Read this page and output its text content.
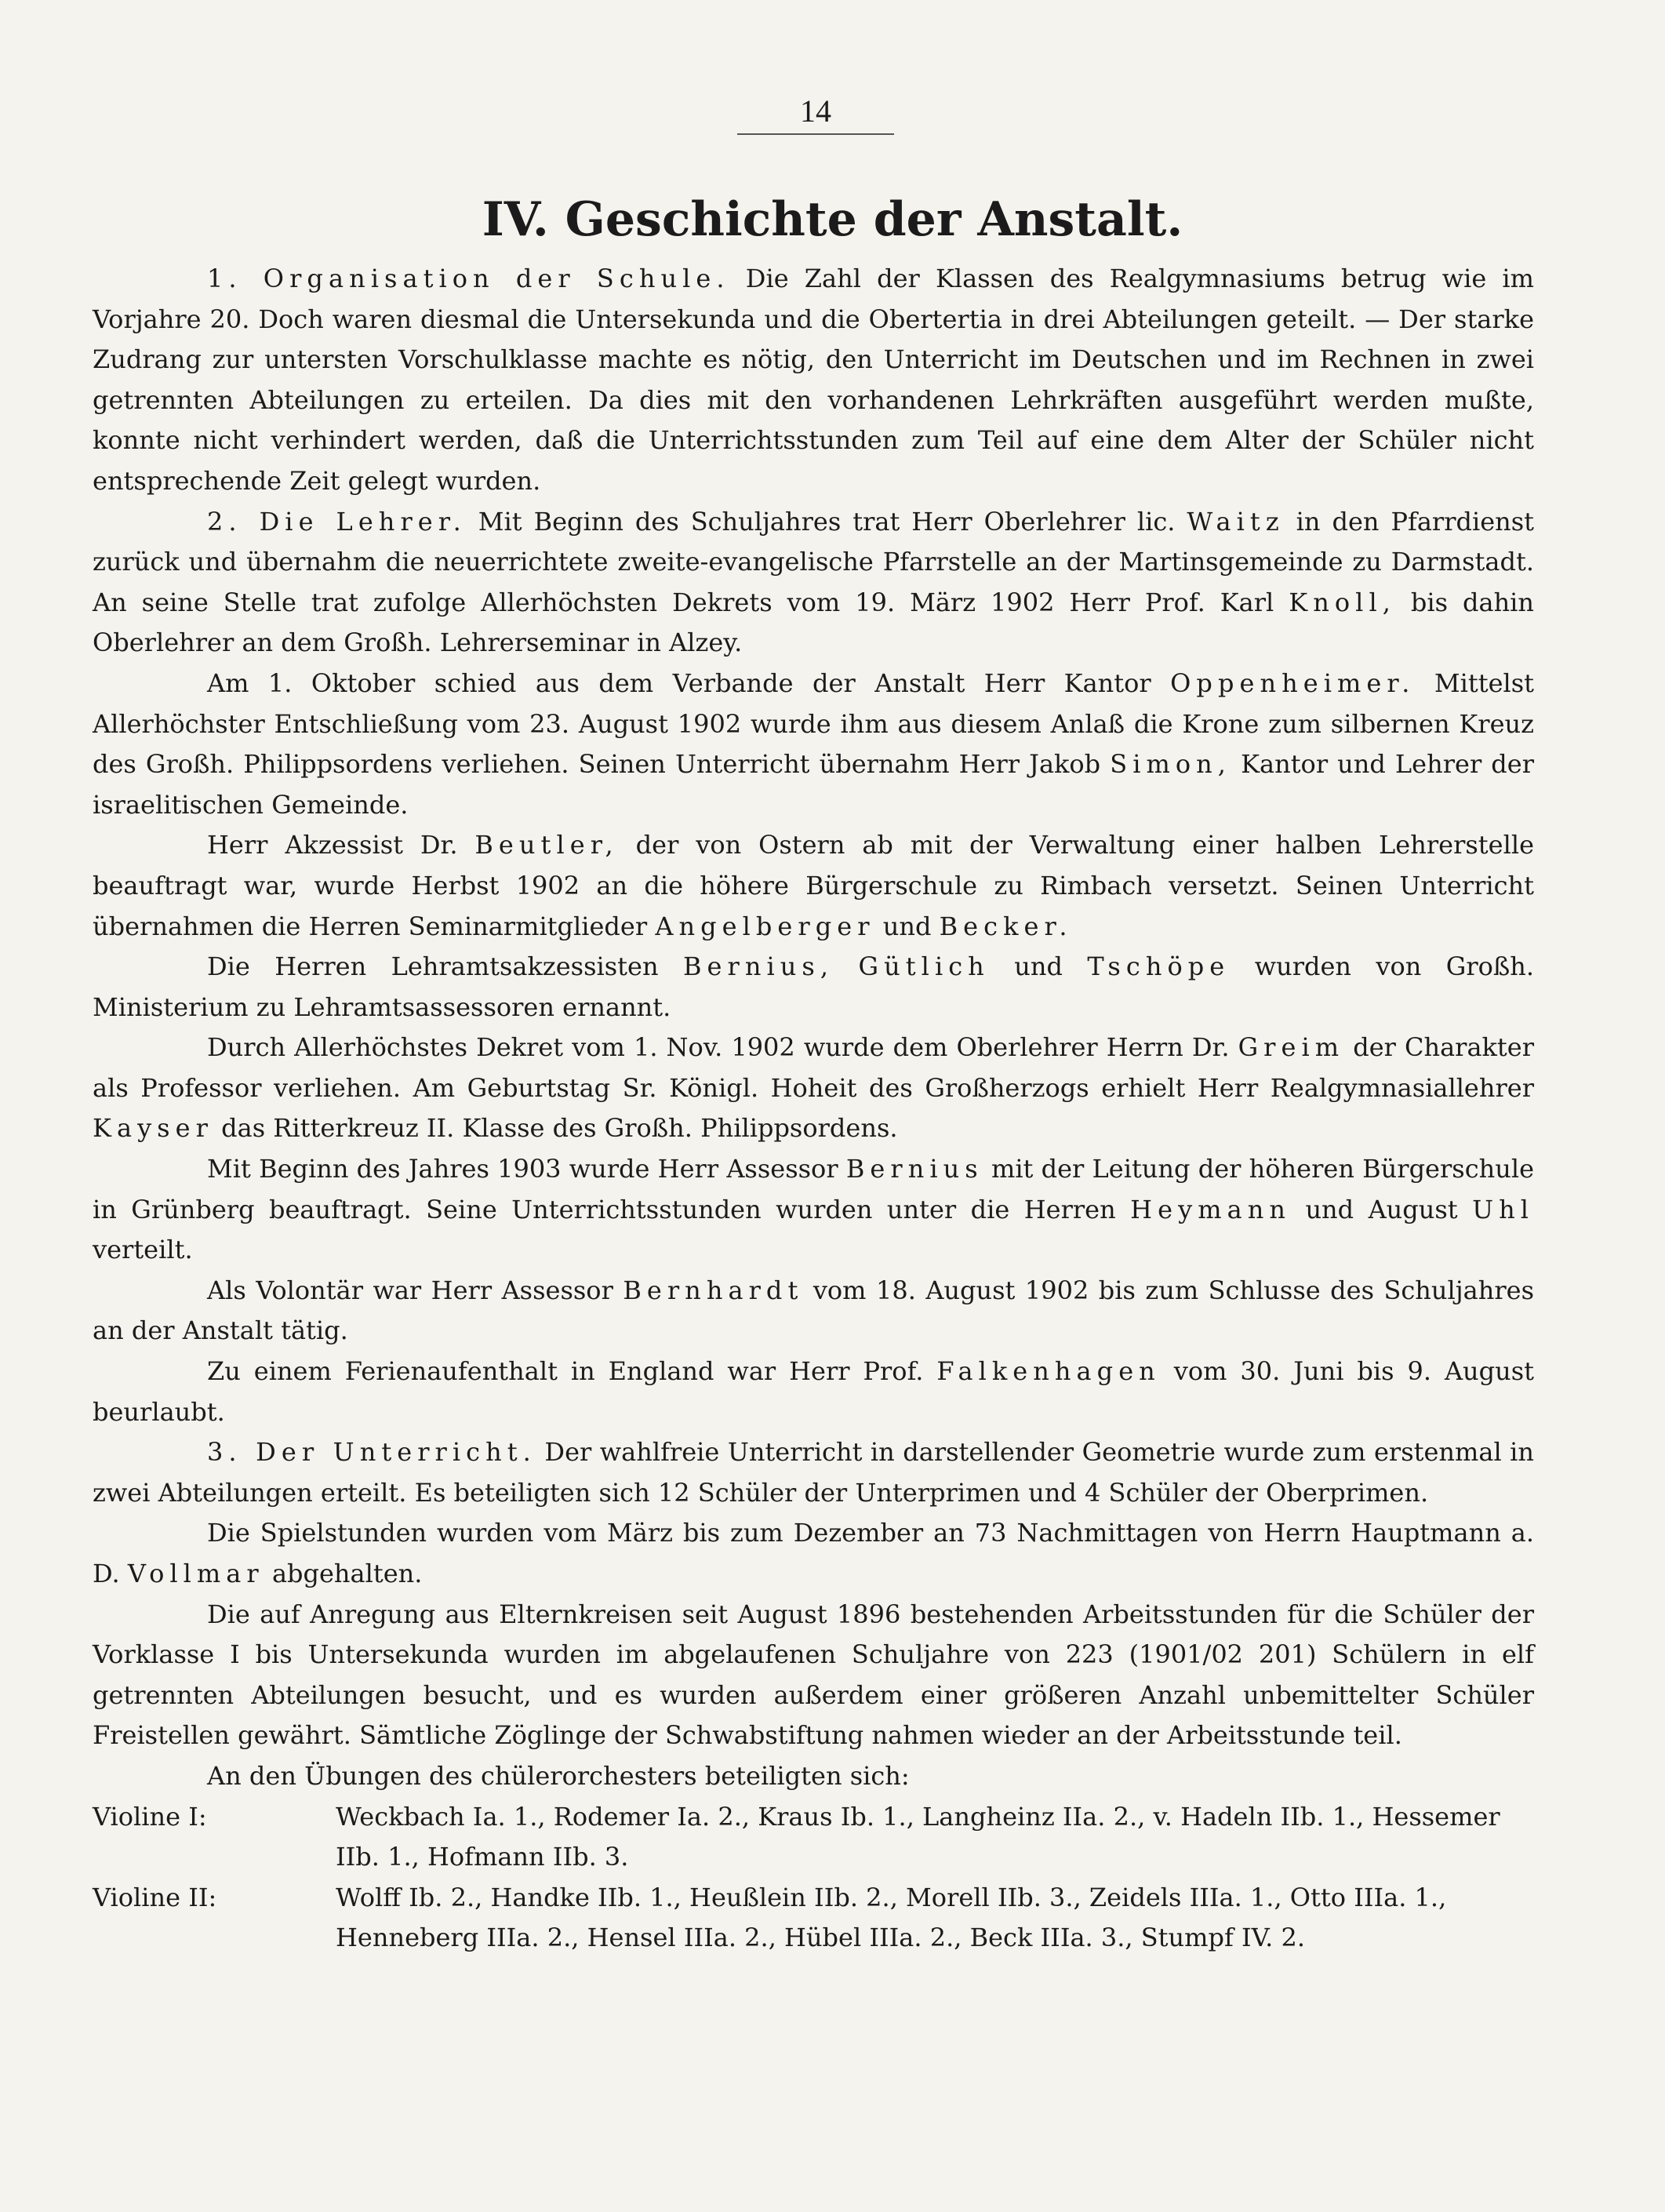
14
IV. Geschichte der Anstalt.

1. Organisation der Schule. Die Zahl der Klassen des Realgymnasiums betrug wie im Vorjahre 20. Doch waren diesmal die Untersekunda und die Obertertia in drei Abteilungen geteilt. — Der starke Zudrang zur untersten Vorschulklasse machte es nötig, den Unterricht im Deutschen und im Rechnen in zwei getrennten Abteilungen zu erteilen. Da dies mit den vorhandenen Lehrkräften ausgeführt werden mußte, konnte nicht verhindert werden, daß die Unterrichtsstunden zum Teil auf eine dem Alter der Schüler nicht entsprechende Zeit gelegt wurden.

2. Die Lehrer. Mit Beginn des Schuljahres trat Herr Oberlehrer lic. Waitz in den Pfarrdienst zurück und übernahm die neuerrichtete zweite-evangelische Pfarrstelle an der Martinsgemeinde zu Darmstadt. An seine Stelle trat zufolge Allerhöchsten Dekrets vom 19. März 1902 Herr Prof. Karl Knoll, bis dahin Oberlehrer an dem Großh. Lehrerseminar in Alzey.

Am 1. Oktober schied aus dem Verbande der Anstalt Herr Kantor Oppenheimer. Mittelst Allerhöchster Entschließung vom 23. August 1902 wurde ihm aus diesem Anlaß die Krone zum silbernen Kreuz des Großh. Philippsordens verliehen. Seinen Unterricht übernahm Herr Jakob Simon, Kantor und Lehrer der israelitischen Gemeinde.

Herr Akzessist Dr. Beutler, der von Ostern ab mit der Verwaltung einer halben Lehrerstelle beauftragt war, wurde Herbst 1902 an die höhere Bürgerschule zu Rimbach versetzt. Seinen Unterricht übernahmen die Herren Seminarmitglieder Angelberger und Becker.

Die Herren Lehramtsakzessisten Bernius, Gütlich und Tschöpe wurden von Großh. Ministerium zu Lehramtsassessoren ernannt.

Durch Allerhöchstes Dekret vom 1. Nov. 1902 wurde dem Oberlehrer Herrn Dr. Greim der Charakter als Professor verliehen. Am Geburtstag Sr. Königl. Hoheit des Großherzogs erhielt Herr Realgymnasiallehrer Kayser das Ritterkreuz II. Klasse des Großh. Philippsordens.

Mit Beginn des Jahres 1903 wurde Herr Assessor Bernius mit der Leitung der höheren Bürgerschule in Grünberg beauftragt. Seine Unterrichtsstunden wurden unter die Herren Heymann und August Uhl verteilt.

Als Volontär war Herr Assessor Bernhardt vom 18. August 1902 bis zum Schlusse des Schuljahres an der Anstalt tätig.

Zu einem Ferienaufenthalt in England war Herr Prof. Falkenhagen vom 30. Juni bis 9. August beurlaubt.

3. Der Unterricht. Der wahlfreie Unterricht in darstellender Geometrie wurde zum erstenmal in zwei Abteilungen erteilt. Es beteiligten sich 12 Schüler der Unterprimen und 4 Schüler der Oberprimen.

Die Spielstunden wurden vom März bis zum Dezember an 73 Nachmittagen von Herrn Hauptmann a. D. Vollmar abgehalten.

Die auf Anregung aus Elternkreisen seit August 1896 bestehenden Arbeitsstunden für die Schüler der Vorklasse I bis Untersekunda wurden im abgelaufenen Schuljahre von 223 (1901/02 201) Schülern in elf getrennten Abteilungen besucht, und es wurden außerdem einer größeren Anzahl unbemittelter Schüler Freistellen gewährt. Sämtliche Zöglinge der Schwabstiftung nahmen wieder an der Arbeitsstunde teil.

An den Übungen des chülerorchesters beteiligten sich:

Violine I:	Weckbach Ia. 1., Rodemer Ia. 2., Kraus Ib. 1., Langheinz IIa. 2., v. Hadeln IIb. 1., Hessemer IIb. 1., Hofmann IIb. 3.
Violine II:	Wolff Ib. 2., Handke IIb. 1., Heußlein IIb. 2., Morell IIb. 3., Zeidels IIIa. 1., Otto IIIa. 1., Henneberg IIIa. 2., Hensel IIIa. 2., Hübel IIIa. 2., Beck IIIa. 3., Stumpf IV. 2.
